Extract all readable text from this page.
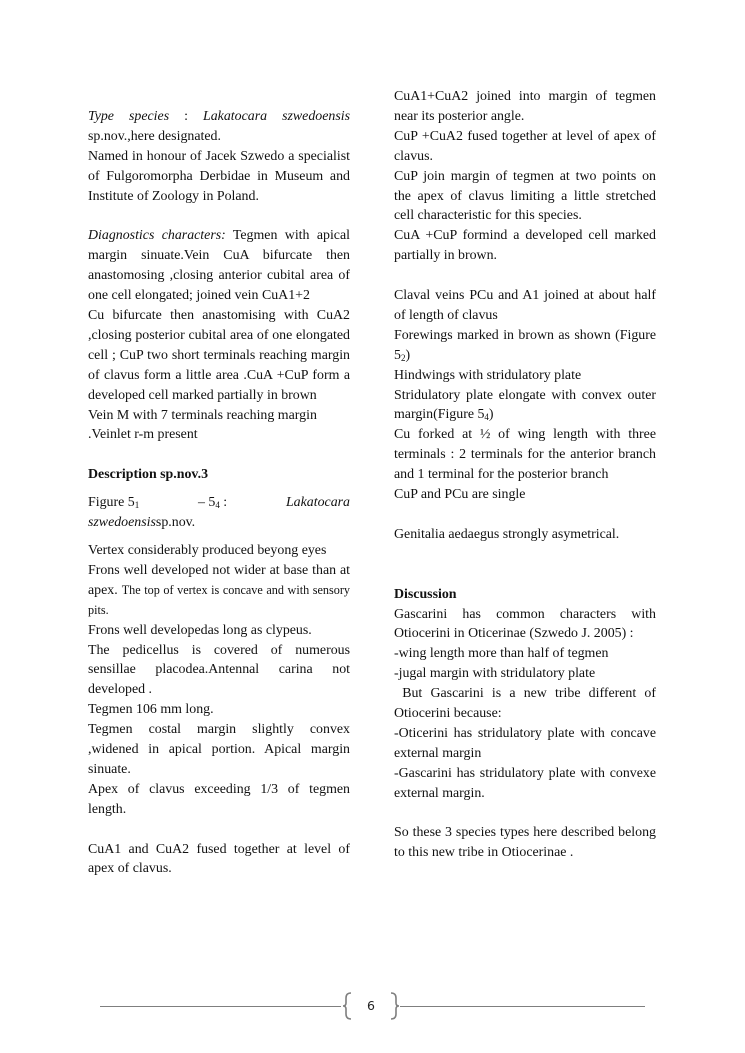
Type species : Lakatocara szwedoensis sp.nov.,here designated.

Named in honour of Jacek Szwedo a specialist of Fulgoromorpha Derbidae in Museum and Institute of Zoology in Poland.

Diagnostics characters: Tegmen with apical margin sinuate.Vein CuA bifurcate then anastomosing ,closing anterior cubital area of one cell elongated; joined vein CuA1+2

Cu bifurcate then anastomising with CuA2 ,closing posterior cubital area of one elongated cell ; CuP two short terminals reaching margin of clavus form a little area .CuA +CuP form a developed cell marked partially in brown

Vein M with 7 terminals reaching margin .Veinlet r-m present

Description sp.nov.3

Figure $5_1$	– $5_4$ :	Lakatocara

szwedoensissp.nov.

Vertex considerably produced beyong eyes

Frons well developed not wider at base than at apex. The top of vertex is concave and with sensory pits.

Frons well developedas long as clypeus.

The pedicellus is covered of numerous sensillae placodea.Antennal carina not developed .

Tegmen 106 mm long.

Tegmen costal margin slightly convex ,widened in apical portion. Apical margin sinuate.

Apex of clavus exceeding 1/3 of tegmen length.

CuA1 and CuA2 fused together at level of apex of clavus.

CuA1+CuA2 joined into margin of tegmen near its posterior angle.

CuP +CuA2 fused together at level of apex of clavus.

CuP join margin of tegmen at two points on the apex of clavus limiting a little stretched cell characteristic for this species.

CuA +CuP formind a developed cell marked partially in brown.

Claval veins PCu and A1 joined at about half of length of clavus

Forewings marked in brown as shown (Figure $5_2$)

Hindwings with stridulatory plate

Stridulatory plate elongate with convex outer margin(Figure $5_4$)

Cu forked at ½ of wing length with three terminals : 2 terminals for the anterior branch and 1 terminal for the posterior branch

CuP and PCu are single

Genitalia aedaegus strongly asymetrical.

Discussion

Gascarini has common characters with Otiocerini in Oticerinae (Szwedo J. 2005) :

-wing length more than half of tegmen

-jugal margin with stridulatory plate

But Gascarini is a new tribe different of Otiocerini because:

-Oticerini has stridulatory plate with concave external margin

-Gascarini has stridulatory plate with convexe external margin.

So these 3 species types here described belong to this new tribe in Otiocerinae .

6
